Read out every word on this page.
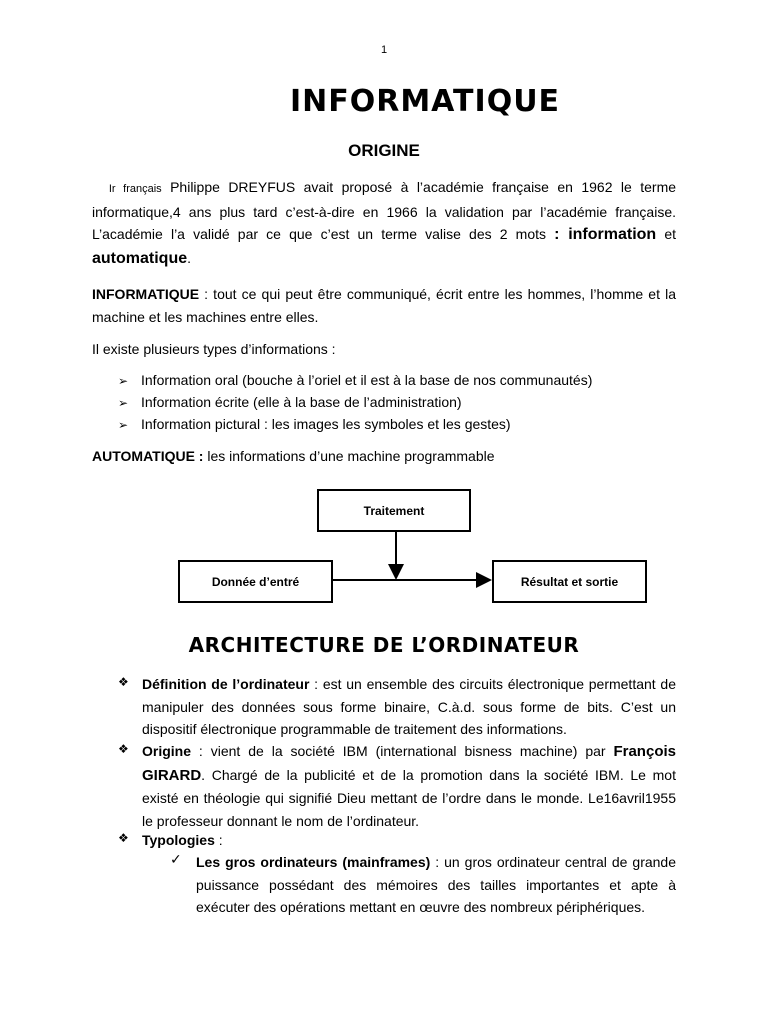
1
INFORMATIQUE
ORIGINE
Ir français Philippe DREYFUS avait proposé à l’académie française en 1962 le terme informatique,4 ans plus tard c’est-à-dire en 1966 la validation par l’académie française. L’académie l’a validé par ce que c’est un terme valise des 2 mots : information et automatique.
INFORMATIQUE : tout ce qui peut être communiqué, écrit entre les hommes, l’homme et la machine et les machines entre elles.
Il existe plusieurs types d’informations :
➢ Information oral (bouche à l’oriel et il est à la base de nos communautés)
➢ Information écrite (elle à la base de l’administration)
➢ Information pictural : les images les symboles et les gestes)
AUTOMATIQUE : les informations d’une machine programmable
Traitement
Donnée d’entré	Résultat et sortie
ARCHITECTURE DE L’ORDINATEUR
❖ Définition de l’ordinateur : est un ensemble des circuits électronique permettant de manipuler des données sous forme binaire, C.à.d. sous forme de bits. C’est un dispositif électronique programmable de traitement des informations.
❖ Origine : vient de la société IBM (international bisness machine) par François GIRARD. Chargé de la publicité et de la promotion dans la société IBM. Le mot existé en théologie qui signifié Dieu mettant de l’ordre dans le monde. Le16avril1955 le professeur donnant le nom de l’ordinateur.
❖ Typologies :
✓ Les gros ordinateurs (mainframes) : un gros ordinateur central de grande puissance possédant des mémoires des tailles importantes et apte à exécuter des opérations mettant en œuvre des nombreux périphériques.
